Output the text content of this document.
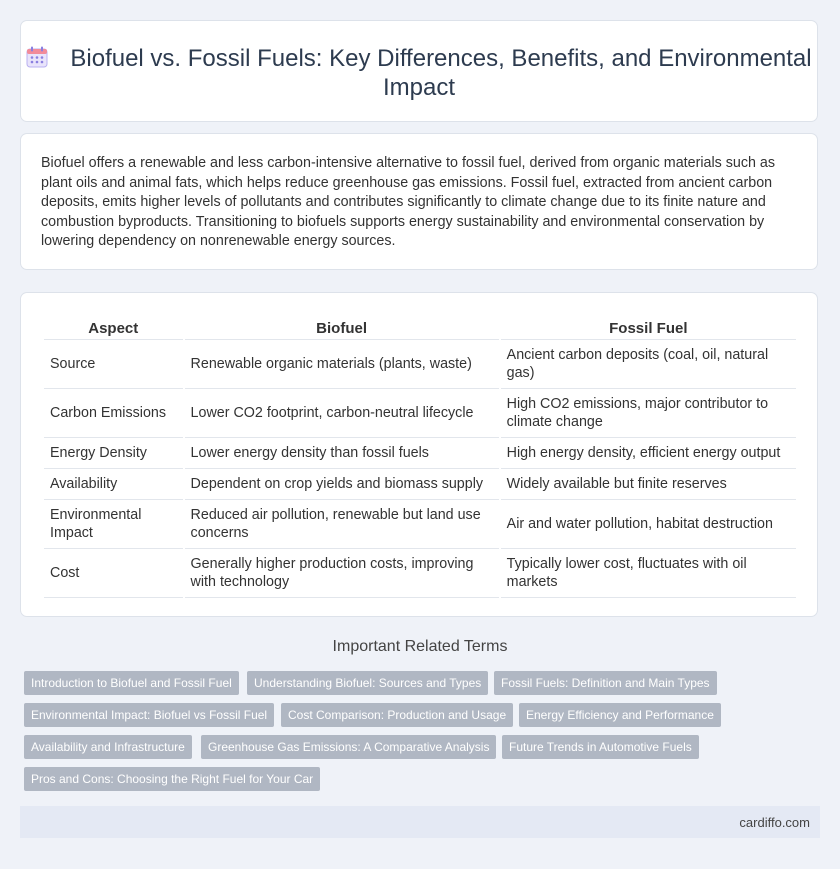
Biofuel vs. Fossil Fuels: Key Differences, Benefits, and Environmental Impact

Biofuel offers a renewable and less carbon-intensive alternative to fossil fuel, derived from organic materials such as plant oils and animal fats, which helps reduce greenhouse gas emissions. Fossil fuel, extracted from ancient carbon deposits, emits higher levels of pollutants and contributes significantly to climate change due to its finite nature and combustion byproducts. Transitioning to biofuels supports energy sustainability and environmental conservation by lowering dependency on nonrenewable energy sources.

Aspect	Biofuel	Fossil Fuel
Source	Renewable organic materials (plants, waste)	Ancient carbon deposits (coal, oil, natural gas)
Carbon Emissions	Lower CO2 footprint, carbon-neutral lifecycle	High CO2 emissions, major contributor to climate change
Energy Density	Lower energy density than fossil fuels	High energy density, efficient energy output
Availability	Dependent on crop yields and biomass supply	Widely available but finite reserves
Environmental Impact	Reduced air pollution, renewable but land use concerns	Air and water pollution, habitat destruction
Cost	Generally higher production costs, improving with technology	Typically lower cost, fluctuates with oil markets
Important Related Terms
Introduction to Biofuel and Fossil Fuel	Understanding Biofuel: Sources and Types	Fossil Fuels: Definition and Main Types
Environmental Impact: Biofuel vs Fossil Fuel	Cost Comparison: Production and Usage	Energy Efficiency and Performance
Availability and Infrastructure	Greenhouse Gas Emissions: A Comparative Analysis	Future Trends in Automotive Fuels
Pros and Cons: Choosing the Right Fuel for Your Car
cardiffo.com
